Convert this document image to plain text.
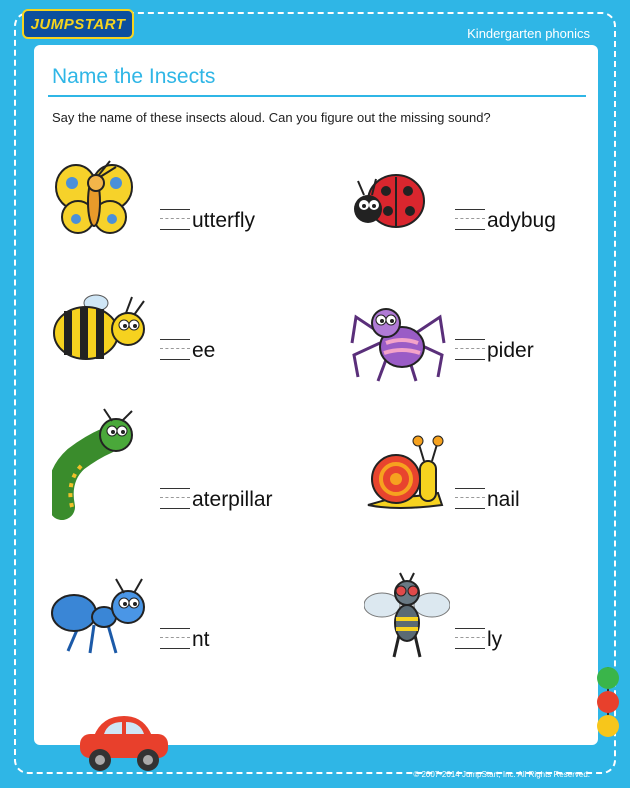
JUMPSTART
Kindergarten phonics
Name the Insects
Say the name of these insects aloud. Can you figure out the missing sound?
utterfly	adybug
ee	pider
aterpillar	nail
nt	ly
© 2007-2014 JumpStart, Inc. All Rights Reserved.
